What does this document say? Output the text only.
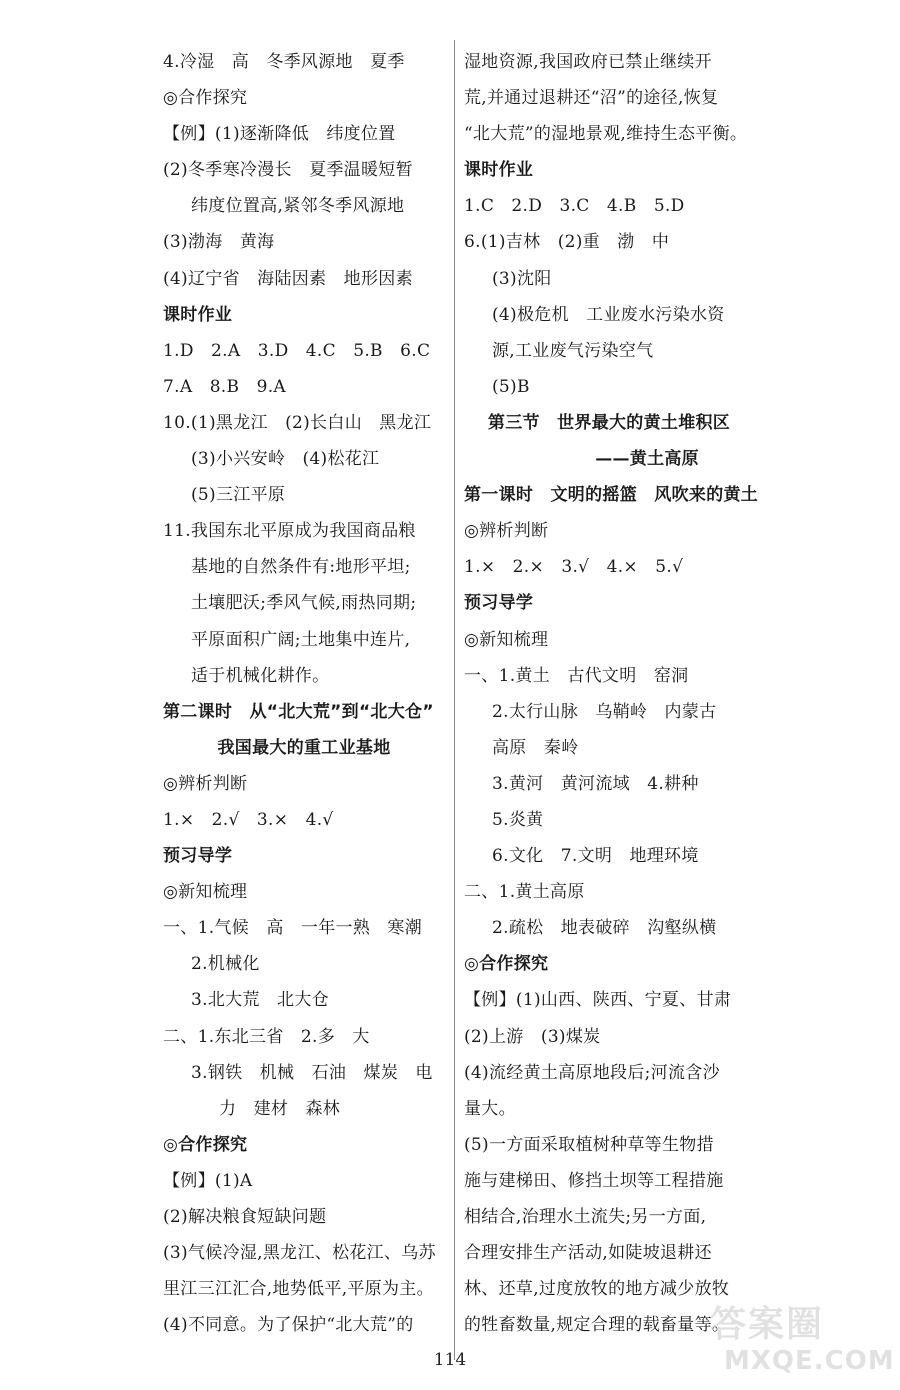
4.冷湿　高　冬季风源地　夏季
◎合作探究
【例】(1)逐渐降低　纬度位置
(2)冬季寒冷漫长　夏季温暖短暂
纬度位置高,紧邻冬季风源地
(3)渤海　黄海
(4)辽宁省　海陆因素　地形因素
课时作业
1.D　2.A　3.D　4.C　5.B　6.C
7.A　8.B　9.A
10.(1)黑龙江　(2)长白山　黑龙江
(3)小兴安岭　(4)松花江
(5)三江平原
11.我国东北平原成为我国商品粮
基地的自然条件有:地形平坦;
土壤肥沃;季风气候,雨热同期;
平原面积广阔;土地集中连片,
适于机械化耕作。
第二课时　从“北大荒”到“北大仓”
我国最大的重工业基地
◎辨析判断
1.×　2.√　3.×　4.√
预习导学
◎新知梳理
一、1.气候　高　一年一熟　寒潮
2.机械化
3.北大荒　北大仓
二、1.东北三省　2.多　大
3.钢铁　机械　石油　煤炭　电
力　建材　森林
◎合作探究
【例】(1)A
(2)解决粮食短缺问题
(3)气候冷湿,黑龙江、松花江、乌苏
里江三江汇合,地势低平,平原为主。
(4)不同意。为了保护“北大荒”的
湿地资源,我国政府已禁止继续开
荒,并通过退耕还“沼”的途径,恢复
“北大荒”的湿地景观,维持生态平衡。
课时作业
1.C　2.D　3.C　4.B　5.D
6.(1)吉林　(2)重　渤　中
(3)沈阳
(4)极危机　工业废水污染水资
源,工业废气污染空气
(5)B
第三节　世界最大的黄土堆积区
——黄土高原
第一课时　文明的摇篮　风吹来的黄土
◎辨析判断
1.×　2.×　3.√　4.×　5.√
预习导学
◎新知梳理
一、1.黄土　古代文明　窑洞
2.太行山脉　乌鞘岭　内蒙古
高原　秦岭
3.黄河　黄河流域　4.耕种
5.炎黄
6.文化　7.文明　地理环境
二、1.黄土高原
2.疏松　地表破碎　沟壑纵横
◎合作探究
【例】(1)山西、陕西、宁夏、甘肃
(2)上游　(3)煤炭
(4)流经黄土高原地段后;河流含沙
量大。
(5)一方面采取植树种草等生物措
施与建梯田、修挡土坝等工程措施
相结合,治理水土流失;另一方面,
合理安排生产活动,如陡坡退耕还
林、还草,过度放牧的地方减少放牧
的牲畜数量,规定合理的载畜量等。
114
答案圈
MXQE.COM
